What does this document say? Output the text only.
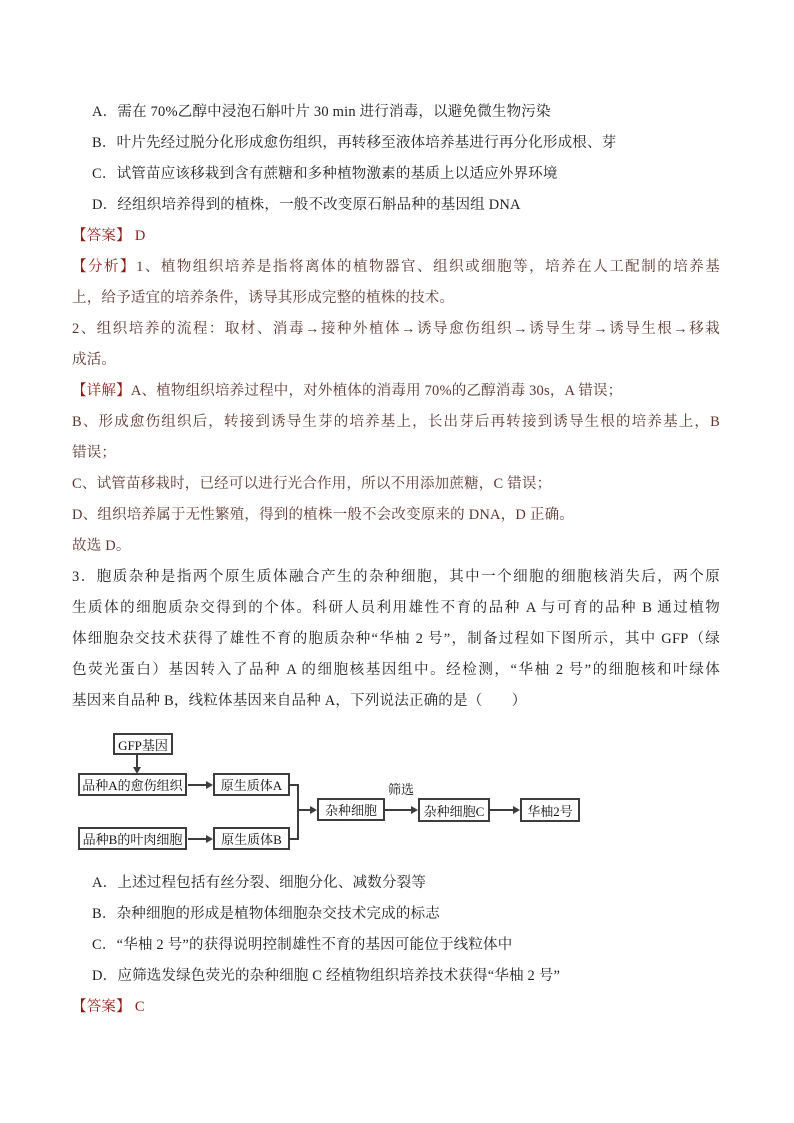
A．需在 70%乙醇中浸泡石斛叶片 30 min 进行消毒，以避免微生物污染
B．叶片先经过脱分化形成愈伤组织，再转移至液体培养基进行再分化形成根、芽
C．试管苗应该移栽到含有蔗糖和多种植物激素的基质上以适应外界环境
D．经组织培养得到的植株，一般不改变原石斛品种的基因组 DNA
【答案】 D
【分析】1、植物组织培养是指将离体的植物器官、组织或细胞等，培养在人工配制的培养基
上，给予适宜的培养条件，诱导其形成完整的植株的技术。
2、组织培养的流程：取材、消毒→接种外植体→诱导愈伤组织→诱导生芽→诱导生根→移栽
成活。
【详解】A、植物组织培养过程中，对外植体的消毒用 70%的乙醇消毒 30s，A 错误；
B、形成愈伤组织后，转接到诱导生芽的培养基上，长出芽后再转接到诱导生根的培养基上，B
错误；
C、试管苗移栽时，已经可以进行光合作用，所以不用添加蔗糖，C 错误；
D、组织培养属于无性繁殖，得到的植株一般不会改变原来的 DNA，D 正确。
故选 D。
3．胞质杂种是指两个原生质体融合产生的杂种细胞，其中一个细胞的细胞核消失后，两个原
生质体的细胞质杂交得到的个体。科研人员利用雄性不育的品种 A 与可育的品种 B 通过植物
体细胞杂交技术获得了雄性不育的胞质杂种“华柚 2 号”，制备过程如下图所示，其中 GFP（绿
色荧光蛋白）基因转入了品种 A 的细胞核基因组中。经检测，“华柚 2 号”的细胞核和叶绿体
基因来自品种 B，线粒体基因来自品种 A，下列说法正确的是（　　）
A．上述过程包括有丝分裂、细胞分化、减数分裂等
B．杂种细胞的形成是植物体细胞杂交技术完成的标志
C．“华柚 2 号”的获得说明控制雄性不育的基因可能位于线粒体中
D．应筛选发绿色荧光的杂种细胞 C 经植物组织培养技术获得“华柚 2 号”
【答案】 C
GFP基因
品种A的愈伤组织	原生质体A
品种B的叶肉细胞	原生质体B
杂种细胞	杂种细胞C	华柚2号
筛选
